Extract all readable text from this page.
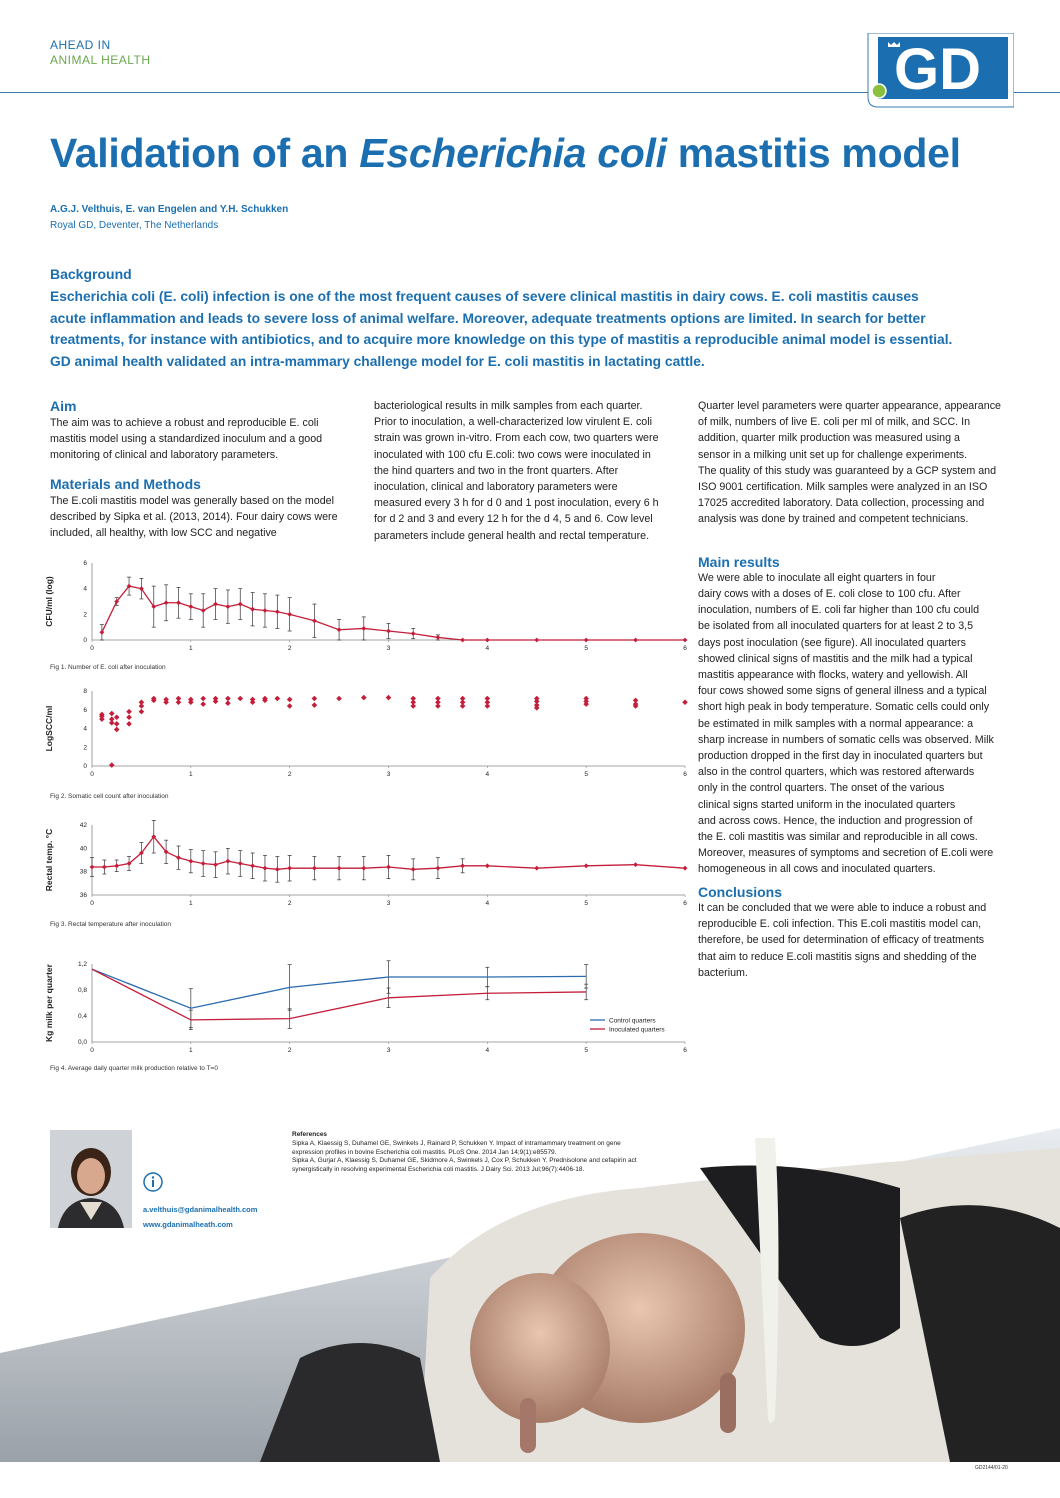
AHEAD IN
ANIMAL HEALTH	GD
Validation of an Escherichia coli mastitis model
A.G.J. Velthuis, E. van Engelen and Y.H. Schukken
Royal GD, Deventer, The Netherlands
Background
Escherichia coli (E. coli) infection is one of the most frequent causes of severe clinical mastitis in dairy cows. E. coli mastitis causes
acute inflammation and leads to severe loss of animal welfare. Moreover, adequate treatments options are limited. In search for better
treatments, for instance with antibiotics, and to acquire more knowledge on this type of mastitis a reproducible animal model is essential.
GD animal health validated an intra-mammary challenge model for E. coli mastitis in lactating cattle.
Aim
The aim was to achieve a robust and reproducible E. coli
mastitis model using a standardized inoculum and a good
monitoring of clinical and laboratory parameters.
Materials and Methods
The E.coli mastitis model was generally based on the model
described by Sipka et al. (2013, 2014). Four dairy cows were
included, all healthy, with low SCC and negative
bacteriological results in milk samples from each quarter.
Prior to inoculation, a well-characterized low virulent E. coli
strain was grown in-vitro. From each cow, two quarters were
inoculated with 100 cfu E.coli: two cows were inoculated in
the hind quarters and two in the front quarters. After
inoculation, clinical and laboratory parameters were
measured every 3 h for d 0 and 1 post inoculation, every 6 h
for d 2 and 3 and every 12 h for the d 4, 5 and 6. Cow level
parameters include general health and rectal temperature.
Quarter level parameters were quarter appearance, appearance
of milk, numbers of live E. coli per ml of milk, and SCC. In
addition, quarter milk production was measured using a
sensor in a milking unit set up for challenge experiments.
The quality of this study was guaranteed by a GCP system and
ISO 9001 certification. Milk samples were analyzed in an ISO
17025 accredited laboratory. Data collection, processing and
analysis was done by trained and competent technicians.
Main results
We were able to inoculate all eight quarters in four
dairy cows with a doses of E. coli close to 100 cfu. After
inoculation, numbers of E. coli far higher than 100 cfu could
be isolated from all inoculated quarters for at least 2 to 3,5
days post inoculation (see figure). All inoculated quarters
showed clinical signs of mastitis and the milk had a typical
mastitis appearance with flocks, watery and yellowish. All
four cows showed some signs of general illness and a typical
short high peak in body temperature. Somatic cells could only
be estimated in milk samples with a normal appearance: a
sharp increase in numbers of somatic cells was observed. Milk
production dropped in the first day in inoculated quarters but
also in the control quarters, which was restored afterwards
only in the control quarters. The onset of the various
clinical signs started uniform in the inoculated quarters
and across cows. Hence, the induction and progression of
the E. coli mastitis was similar and reproducible in all cows.
Moreover, measures of symptoms and secretion of E.coli were
homogeneous in all cows and inoculated quarters.
Conclusions
It can be concluded that we were able to induce a robust and
reproducible E. coli infection. This E.coli mastitis model can,
therefore, be used for determination of efficacy of treatments
that aim to reduce E.coli mastitis signs and shedding of the
bacterium.
CFU/ml (log)
0	1	2	3	4	5	6
0
2
4
6
Fig 1. Number of E. coli after inoculation
LogSCC/ml
0	1	2	3	4	5	6
0
2
4
6
8
Fig 2. Somatic cell count after inoculation
Rectal temp. °C
0	1	2	3	4	5	6
36
38
40
42
Fig 3. Rectal temperature after inoculation
Kg milk per quarter
0	1	2	3	4	5	6
0,0
0,4
0,8
1,2
Control quarters
Inoculated quarters
Fig 4. Average daily quarter milk production relative to T=0
a.velthuis@gdanimalhealth.com
www.gdanimalheath.com
References
Sipka A, Klaessig S, Duhamel GE, Swinkels J, Rainard P, Schukken Y. Impact of intramammary treatment on gene
expression profiles in bovine Escherichia coli mastitis. PLoS One. 2014 Jan 14;9(1):e85579.
Sipka A, Gurjar A, Klaessig S, Duhamel GE, Skidmore A, Swinkels J, Cox P, Schukken Y. Prednisolone and cefapirin act
synergistically in resolving experimental Escherichia coli mastitis. J Dairy Sci. 2013 Jul;96(7):4406-18.
GD2144/01-20
